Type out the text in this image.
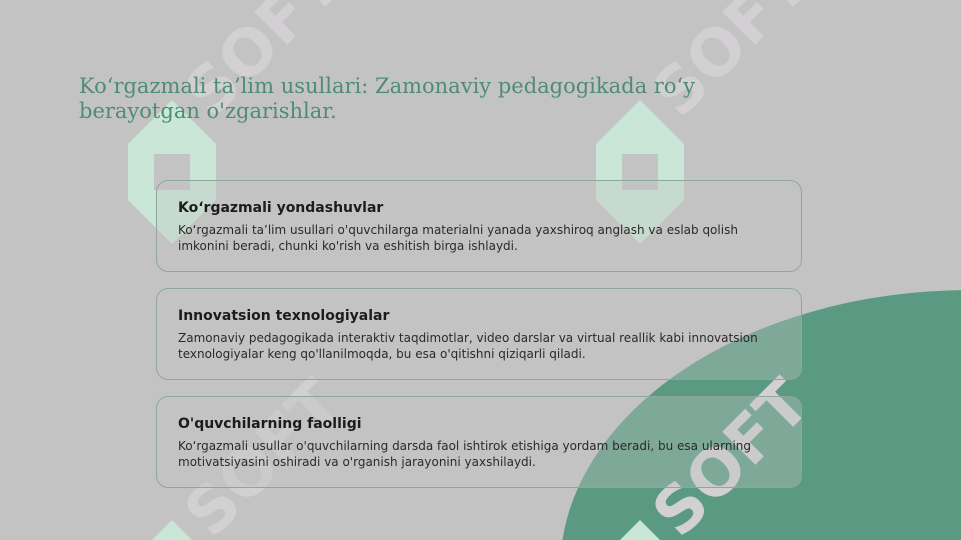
Ko‘rgazmali ta’lim usullari: Zamonaviy pedagogikada ro‘y berayotgan o'zgarishlar.
Ko‘rgazmali yondashuvlar

Ko‘rgazmali ta’lim usullari o'quvchilarga materialni yanada yaxshiroq anglash va eslab qolish imkonini beradi, chunki ko'rish va eshitish birga ishlaydi.

Innovatsion texnologiyalar

Zamonaviy pedagogikada interaktiv taqdimotlar, video darslar va virtual reallik kabi innovatsion texnologiyalar keng qo'llanilmoqda, bu esa o'qitishni qiziqarli qiladi.

O'quvchilarning faolligi

Ko‘rgazmali usullar o'quvchilarning darsda faol ishtirok etishiga yordam beradi, bu esa ularning motivatsiyasini oshiradi va o'rganish jarayonini yaxshilaydi.
